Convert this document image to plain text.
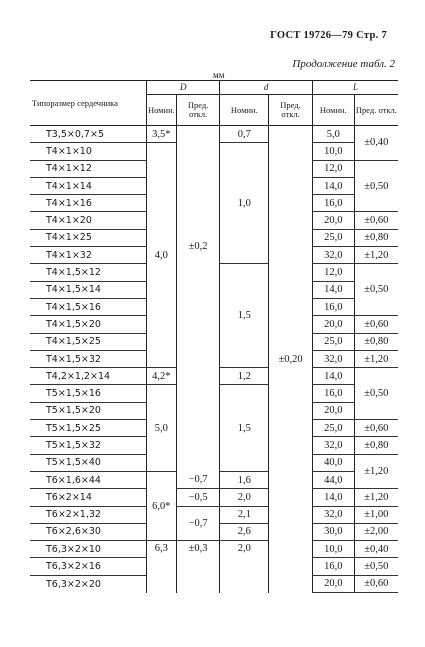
ГОСТ 19726—79 Стр. 7
Продолжение табл. 2
мм
Типоразмер сердечника	D		d		L	
	Номин.	Пред. откл.	Номин.	Пред. откл.	Номин.	Пред. откл.
Т3,5×0,7×5	3,5*	±0,2	0,7	±0,20	5,0	±0,40
Т4×1×10	4,0		1,0		10,0	
Т4×1×12					12,0	±0,50
Т4×1×14					14,0	
Т4×1×16					16,0	
Т4×1×20					20,0	±0,60
Т4×1×25					25,0	±0,80
Т4×1×32					32,0	±1,20
Т4×1,5×12			1,5		12,0	±0,50
Т4×1,5×14					14,0	
Т4×1,5×16					16,0	
Т4×1,5×20					20,0	±0,60
Т4×1,5×25					25,0	±0,80
Т4×1,5×32					32,0	±1,20
Т4,2×1,2×14	4,2*		1,2		14,0	±0,50
Т5×1,5×16	5,0		1,5		16,0	
Т5×1,5×20					20,0	
Т5×1,5×25					25,0	±0,60
Т5×1,5×32					32,0	±0,80
Т5×1,5×40					40,0	±1,20
Т6×1,6×44	6,0*	−0,7	1,6		44,0	
Т6×2×14		−0,5	2,0		14,0	±1,20
Т6×2×1,32		−0,7	2,1		32,0	±1,00
Т6×2,6×30			2,6		30,0	±2,00
Т6,3×2×10	6,3	±0,3	2,0		10,0	±0,40
Т6,3×2×16					16,0	±0,50
Т6,3×2×20					20,0	±0,60
